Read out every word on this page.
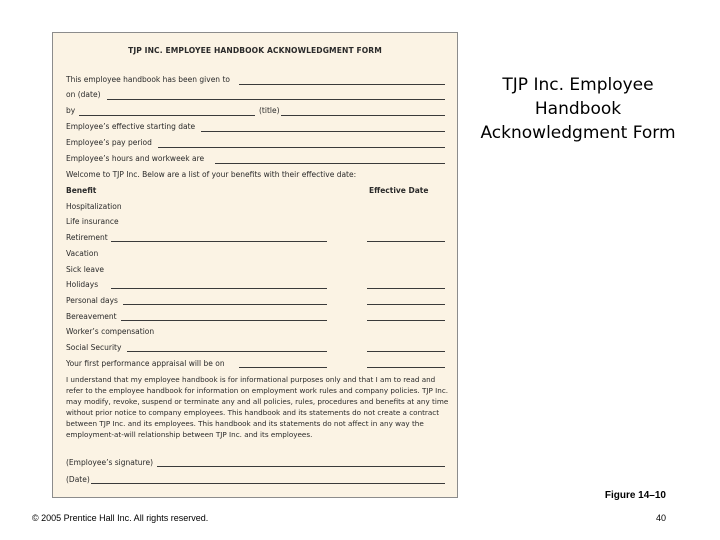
TJP INC. EMPLOYEE HANDBOOK ACKNOWLEDGMENT FORM
This employee handbook has been given to
on (date)
by	(title)
Employee’s effective starting date
Employee’s pay period
Employee’s hours and workweek are
Welcome to TJP Inc. Below are a list of your benefits with their effective date:
Benefit	Effective Date
Hospitalization
Life insurance
Retirement
Vacation
Sick leave
Holidays
Personal days
Bereavement
Worker’s compensation
Social Security
Your first performance appraisal will be on
I understand that my employee handbook is for informational purposes only and that I am to read and refer to the employee handbook for information on employment work rules and company policies. TJP Inc. may modify, revoke, suspend or terminate any and all policies, rules, procedures and benefits at any time without prior notice to company employees. This handbook and its statements do not create a contract between TJP Inc. and its employees. This handbook and its statements do not affect in any way the employment-at-will relationship between TJP Inc. and its employees.
(Employee’s signature)
(Date)
TJP Inc. Employee Handbook Acknowledgment Form
Figure 14–10
© 2005 Prentice Hall Inc. All rights reserved.	40
